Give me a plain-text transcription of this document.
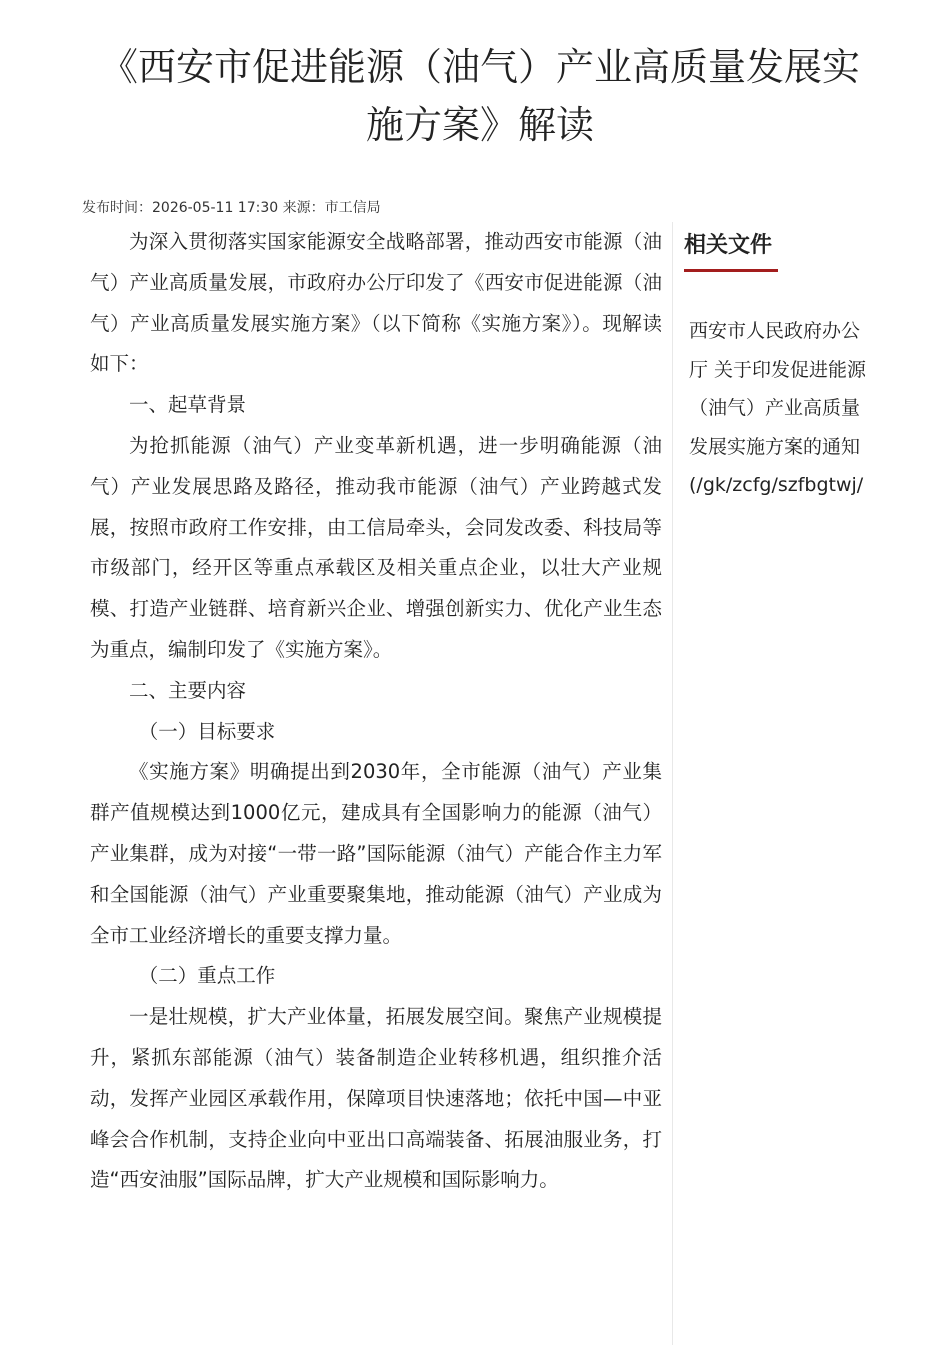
《西安市促进能源（油气）产业高质量发展实施方案》解读
发布时间：2026-05-11 17:30 来源：市工信局

为深入贯彻落实国家能源安全战略部署，推动西安市能源（油气）产业高质量发展，市政府办公厅印发了《西安市促进能源（油气）产业高质量发展实施方案》（以下简称《实施方案》）。现解读如下：

一、起草背景

为抢抓能源（油气）产业变革新机遇，进一步明确能源（油气）产业发展思路及路径，推动我市能源（油气）产业跨越式发展，按照市政府工作安排，由工信局牵头，会同发改委、科技局等市级部门，经开区等重点承载区及相关重点企业，以壮大产业规模、打造产业链群、培育新兴企业、增强创新实力、优化产业生态为重点，编制印发了《实施方案》。

二、主要内容

（一）目标要求

《实施方案》明确提出到2030年，全市能源（油气）产业集群产值规模达到1000亿元，建成具有全国影响力的能源（油气）产业集群，成为对接“一带一路”国际能源（油气）产能合作主力军和全国能源（油气）产业重要聚集地，推动能源（油气）产业成为全市工业经济增长的重要支撑力量。

（二）重点工作

一是壮规模，扩大产业体量，拓展发展空间。聚焦产业规模提升，紧抓东部能源（油气）装备制造企业转移机遇，组织推介活动，发挥产业园区承载作用，保障项目快速落地；依托中国—中亚峰会合作机制，支持企业向中亚出口高端装备、拓展油服业务，打造“西安油服”国际品牌，扩大产业规模和国际影响力。

相关文件
西安市人民政府办公厅 关于印发促进能源（油气）产业高质量发展实施方案的通知(/gk/zcfg/szfbgtwj/
